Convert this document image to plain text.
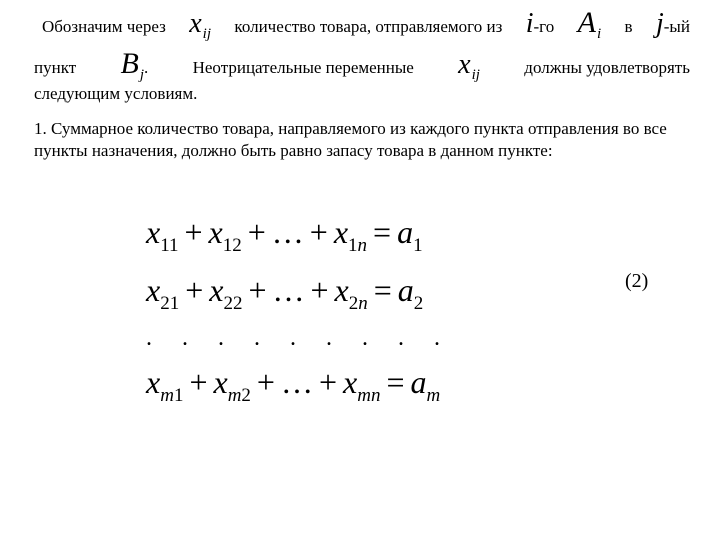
Обозначим через xij количество товара, отправляемого из i-го Ai в j-ый
пункт Bj.	Неотрицательные переменные xij	должны удовлетворять
следующим условиям.
1. Суммарное количество товара, направляемого из каждого пункта отправления во все пункты назначения, должно быть равно запасу товара в данном пункте:
$x_{11} + x_{12}$ + … + $x_{1n} = a_1$
$x_{21} + x_{22}$ + … + $x_{2n} = a_2$
. . . . . . . . .
$x_{m1} + x_{m2}$ + … + $x_{mn} = a_m$
(2)
